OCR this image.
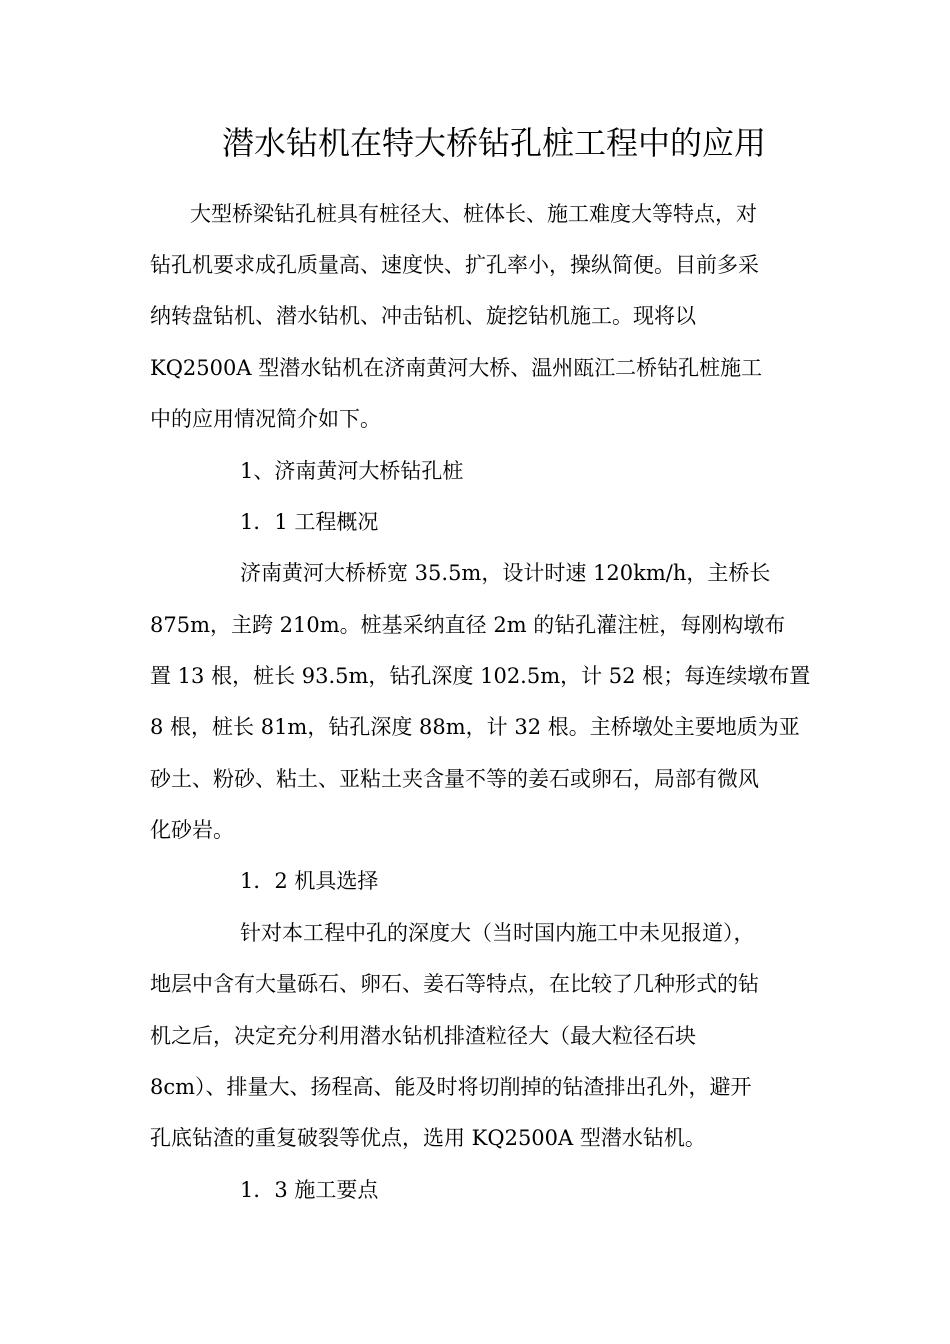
潜水钻机在特大桥钻孔桩工程中的应用
大型桥梁钻孔桩具有桩径大、桩体长、施工难度大等特点，对
钻孔机要求成孔质量高、速度快、扩孔率小，操纵简便。目前多采
纳转盘钻机、潜水钻机、冲击钻机、旋挖钻机施工。现将以
KQ2500A 型潜水钻机在济南黄河大桥、温州瓯江二桥钻孔桩施工
中的应用情况简介如下。
1、济南黄河大桥钻孔桩
1．1 工程概况
济南黄河大桥桥宽 35.5m，设计时速 120km/h，主桥长
875m，主跨 210m。桩基采纳直径 2m 的钻孔灌注桩，每刚构墩布
置 13 根，桩长 93.5m，钻孔深度 102.5m，计 52 根；每连续墩布置
8 根，桩长 81m，钻孔深度 88m，计 32 根。主桥墩处主要地质为亚
砂土、粉砂、粘土、亚粘土夹含量不等的姜石或卵石，局部有微风
化砂岩。
1．2 机具选择
针对本工程中孔的深度大（当时国内施工中未见报道），
地层中含有大量砾石、卵石、姜石等特点，在比较了几种形式的钻
机之后，决定充分利用潜水钻机排渣粒径大（最大粒径石块
8cm）、排量大、扬程高、能及时将切削掉的钻渣排出孔外，避开
孔底钻渣的重复破裂等优点，选用 KQ2500A 型潜水钻机。
1．3 施工要点
